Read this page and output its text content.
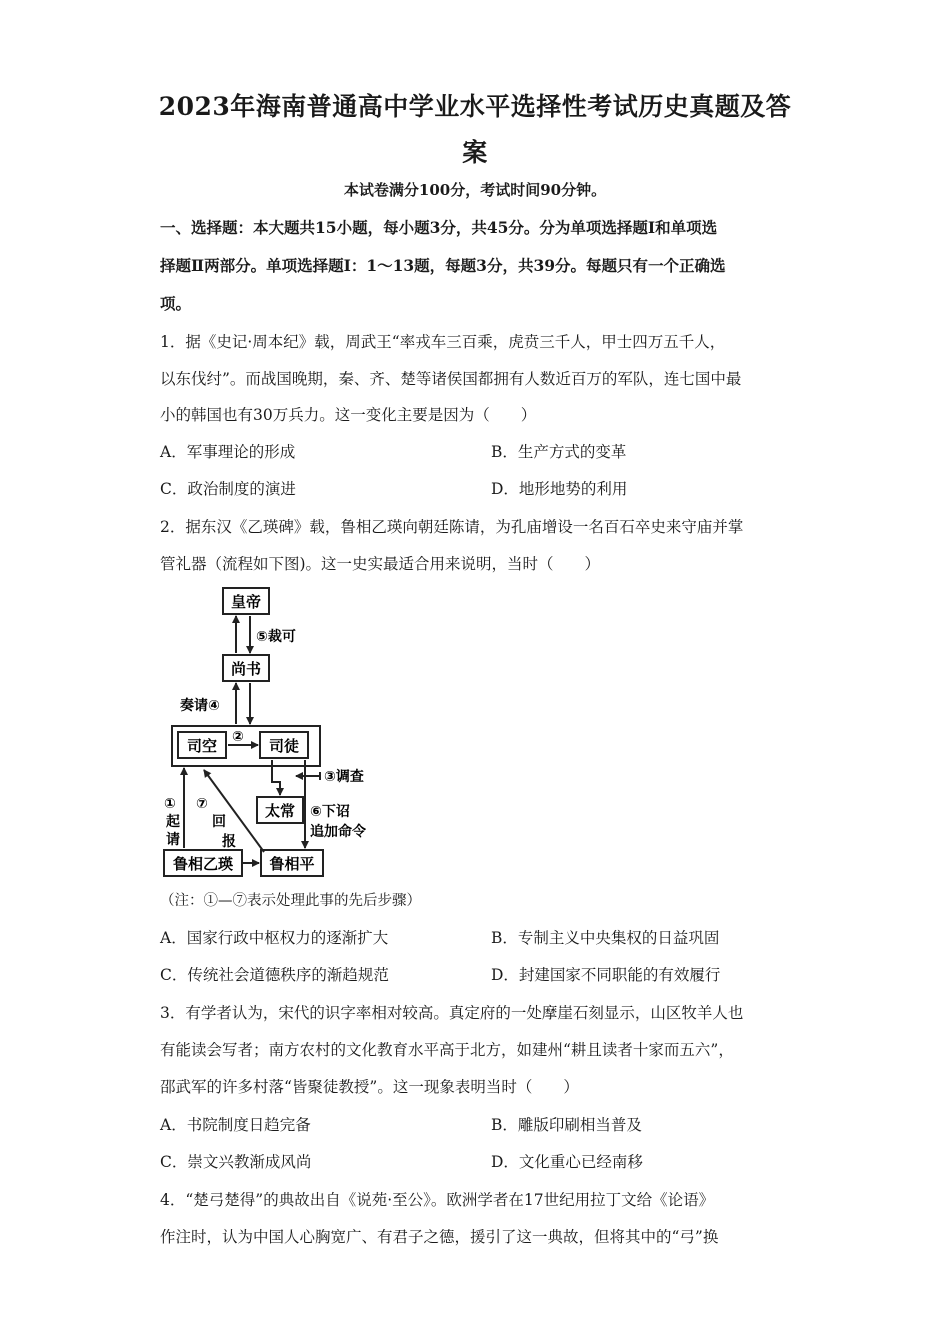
2023年海南普通高中学业水平选择性考试历史真题及答
案
本试卷满分100分，考试时间90分钟。
一、选择题：本大题共15小题，每小题3分，共45分。分为单项选择题Ⅰ和单项选
择题Ⅱ两部分。单项选择题Ⅰ：1～13题，每题3分，共39分。每题只有一个正确选
项。
1．据《史记·周本纪》载，周武王“率戎车三百乘，虎贲三千人，甲士四万五千人，
以东伐纣”。而战国晚期，秦、齐、楚等诸侯国都拥有人数近百万的军队，连七国中最
小的韩国也有30万兵力。这一变化主要是因为（　　）
A．军事理论的形成	B．生产方式的变革
C．政治制度的演进	D．地形地势的利用
2．据东汉《乙瑛碑》载，鲁相乙瑛向朝廷陈请，为孔庙增设一名百石卒史来守庙并掌
管礼器（流程如下图)。这一史实最适合用来说明，当时（　　）
皇帝
尚书
司空	司徒
太常
鲁相乙瑛 鲁相平
⑤裁可
奏请④
②
③调查
⑥下诏
追加命令
①
起
请
⑦
回
报
（注：①—⑦表示处理此事的先后步骤）
A．国家行政中枢权力的逐渐扩大	B．专制主义中央集权的日益巩固
C．传统社会道德秩序的渐趋规范	D．封建国家不同职能的有效履行
3．有学者认为，宋代的识字率相对较高。真定府的一处摩崖石刻显示，山区牧羊人也
有能读会写者；南方农村的文化教育水平高于北方，如建州“耕且读者十家而五六”，
邵武军的许多村落“皆聚徒教授”。这一现象表明当时（　　）
A．书院制度日趋完备	B．雕版印刷相当普及
C．崇文兴教渐成风尚	D．文化重心已经南移
4．“楚弓楚得”的典故出自《说苑·至公》。欧洲学者在17世纪用拉丁文给《论语》
作注时，认为中国人心胸宽广、有君子之德，援引了这一典故，但将其中的“弓”换
